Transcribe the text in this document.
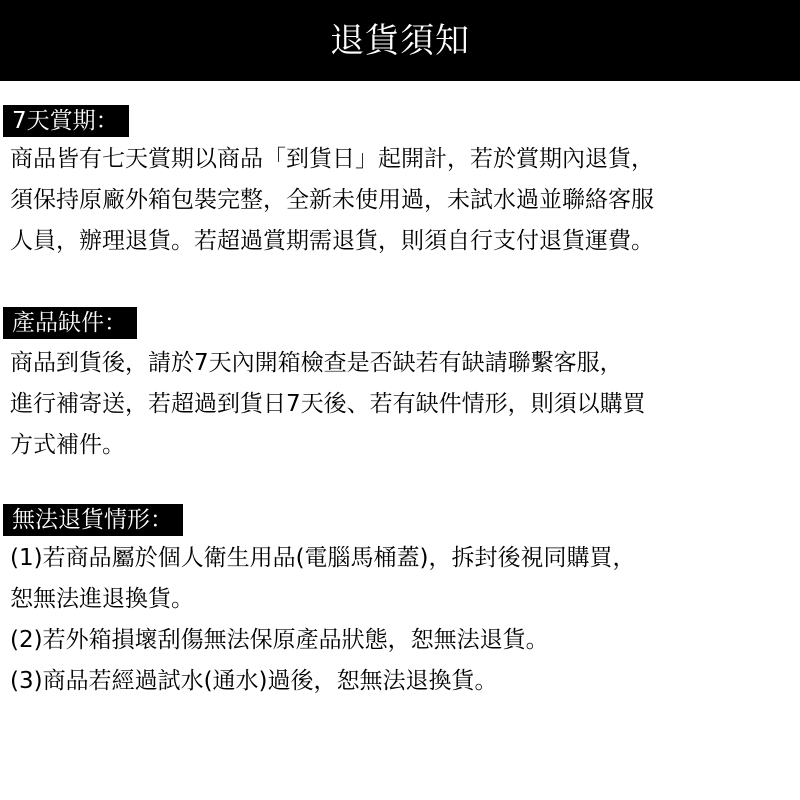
退貨須知
7天賞期：
商品皆有七天賞期以商品「到貨日」起開計，若於賞期內退貨，
須保持原廠外箱包裝完整，全新未使用過，未試水過並聯絡客服
人員，辦理退貨。若超過賞期需退貨，則須自行支付退貨運費。
產品缺件：
商品到貨後，請於7天內開箱檢查是否缺若有缺請聯繫客服，
進行補寄送，若超過到貨日7天後、若有缺件情形，則須以購買
方式補件。
無法退貨情形：
(1)若商品屬於個人衛生用品(電腦馬桶蓋)，拆封後視同購買，
恕無法進退換貨。
(2)若外箱損壞刮傷無法保原產品狀態，恕無法退貨。
(3)商品若經過試水(通水)過後，恕無法退換貨。
